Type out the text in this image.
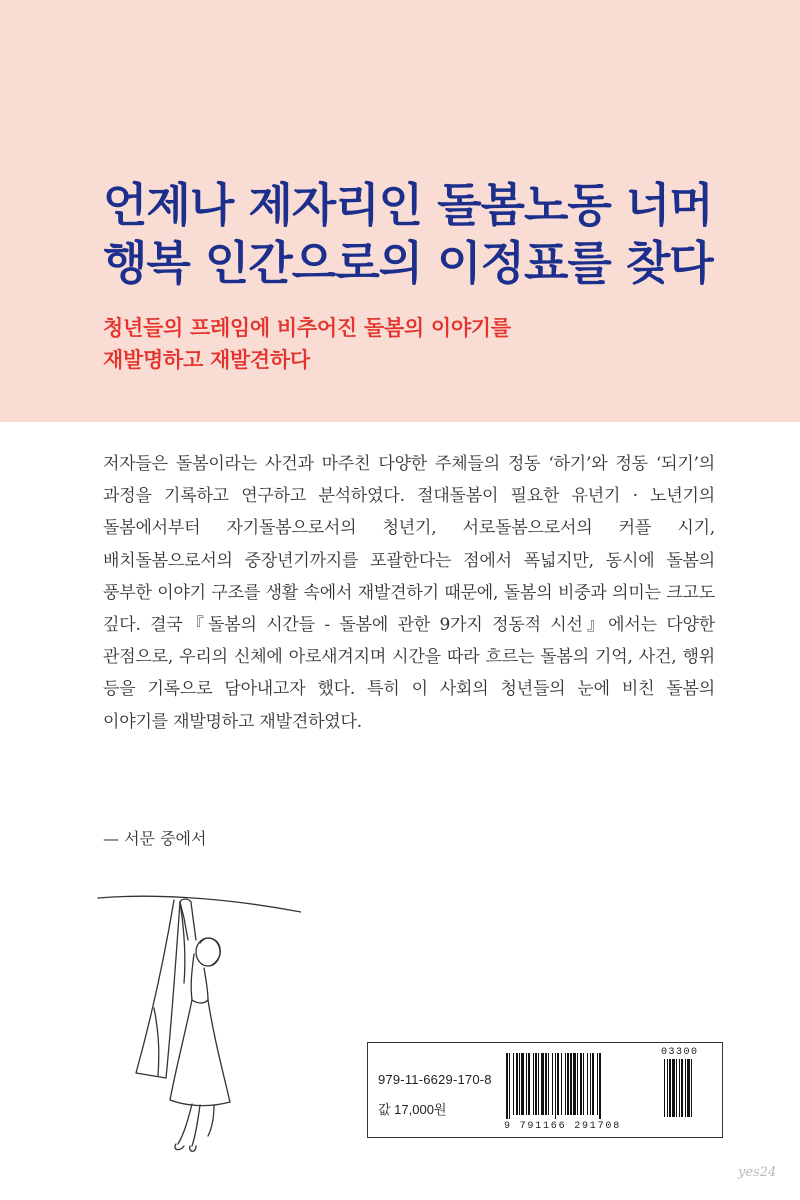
언제나 제자리인 돌봄노동 너머
행복 인간으로의 이정표를 찾다
청년들의 프레임에 비추어진 돌봄의 이야기를
재발명하고 재발견하다
저자들은 돌봄이라는 사건과 마주친 다양한 주체들의 정동 ‘하기’와 정동 ‘되기’의 과정을 기록하고 연구하고 분석하였다. 절대돌봄이 필요한 유년기 · 노년기의 돌봄에서부터 자기돌봄으로서의 청년기, 서로돌봄으로서의 커플 시기, 배치돌봄으로서의 중장년기까지를 포괄한다는 점에서 폭넓지만, 동시에 돌봄의 풍부한 이야기 구조를 생활 속에서 재발견하기 때문에, 돌봄의 비중과 의미는 크고도 깊다. 결국『돌봄의 시간들 - 돌봄에 관한 9가지 정동적 시선』에서는 다양한 관점으로, 우리의 신체에 아로새겨지며 시간을 따라 흐르는 돌봄의 기억, 사건, 행위 등을 기록으로 담아내고자 했다. 특히 이 사회의 청년들의 눈에 비친 돌봄의 이야기를 재발명하고 재발견하였다.
— 서문 중에서
979-11-6629-170-8
값 17,000원
03300
9 791166 291708
yes24
